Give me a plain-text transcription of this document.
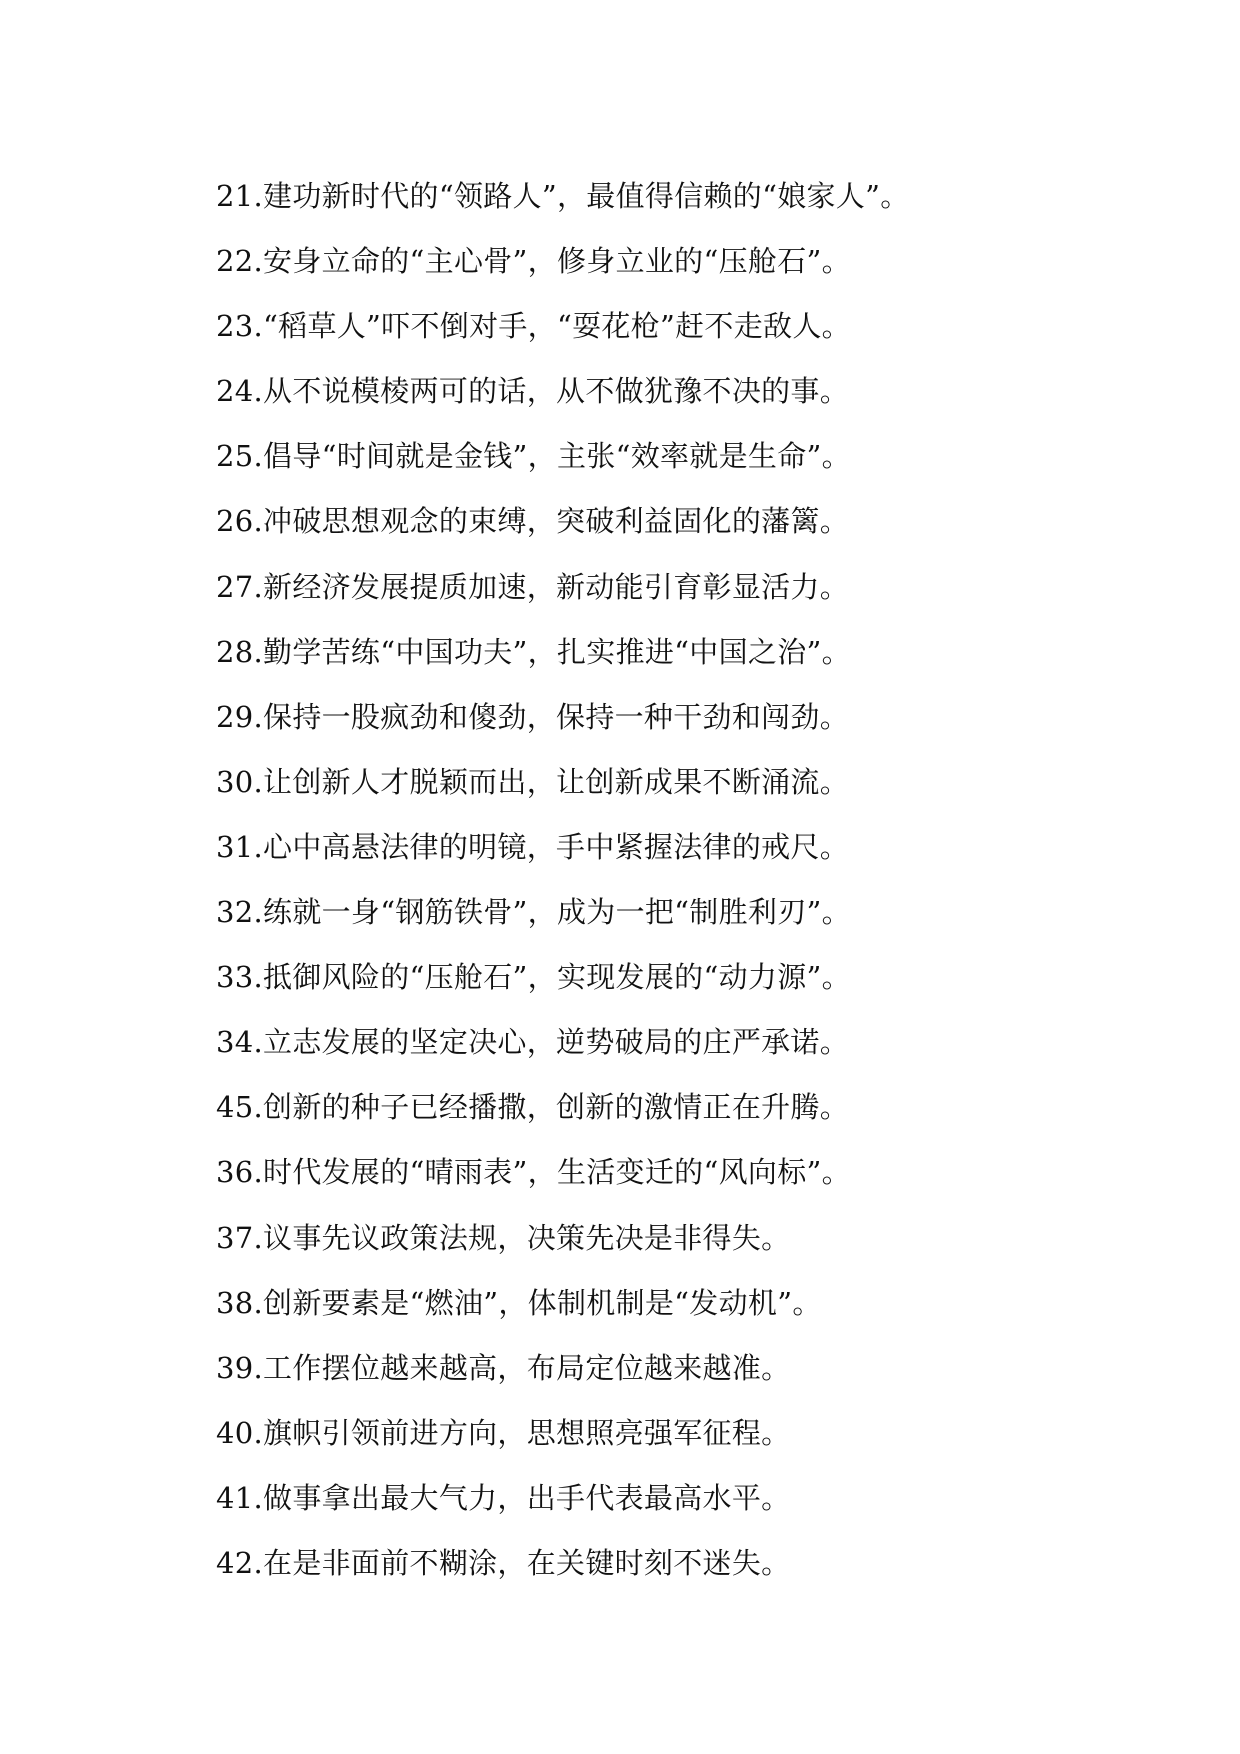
21.建功新时代的“领路人”，最值得信赖的“娘家人”。
22.安身立命的“主心骨”，修身立业的“压舱石”。
23.“稻草人”吓不倒对手，“耍花枪”赶不走敌人。
24.从不说模棱两可的话，从不做犹豫不决的事。
25.倡导“时间就是金钱”，主张“效率就是生命”。
26.冲破思想观念的束缚，突破利益固化的藩篱。
27.新经济发展提质加速，新动能引育彰显活力。
28.勤学苦练“中国功夫”，扎实推进“中国之治”。
29.保持一股疯劲和傻劲，保持一种干劲和闯劲。
30.让创新人才脱颖而出，让创新成果不断涌流。
31.心中高悬法律的明镜，手中紧握法律的戒尺。
32.练就一身“钢筋铁骨”，成为一把“制胜利刃”。
33.抵御风险的“压舱石”，实现发展的“动力源”。
34.立志发展的坚定决心，逆势破局的庄严承诺。
45.创新的种子已经播撒，创新的激情正在升腾。
36.时代发展的“晴雨表”，生活变迁的“风向标”。
37.议事先议政策法规，决策先决是非得失。
38.创新要素是“燃油”，体制机制是“发动机”。
39.工作摆位越来越高，布局定位越来越准。
40.旗帜引领前进方向，思想照亮强军征程。
41.做事拿出最大气力，出手代表最高水平。
42.在是非面前不糊涂，在关键时刻不迷失。
